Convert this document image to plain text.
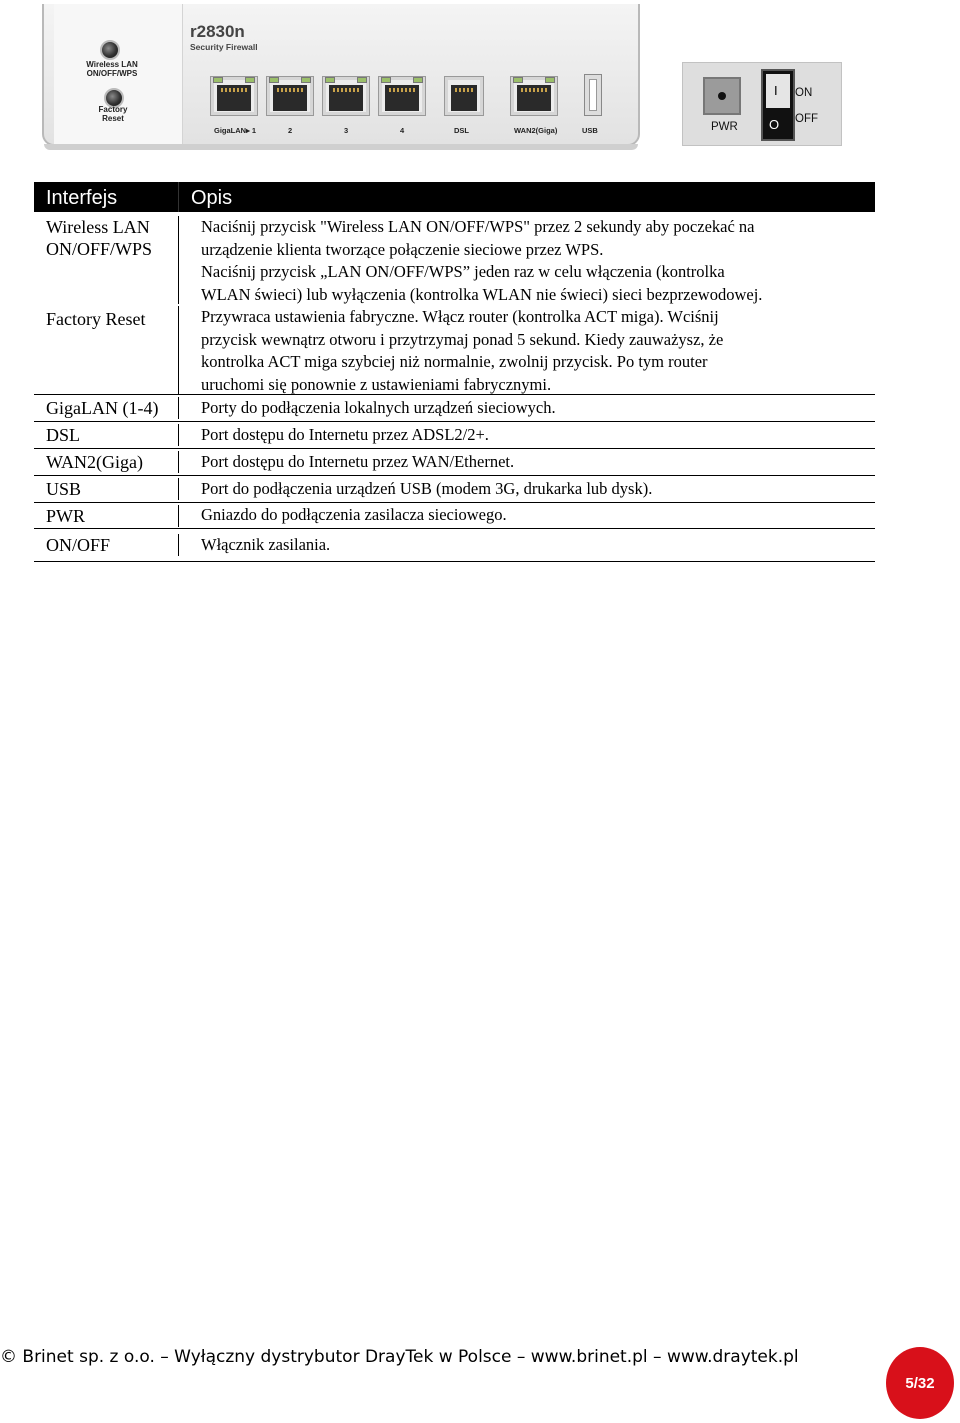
Wireless LAN
ON/OFF/WPS
Factory
Reset
r2830n
Security Firewall
GigaLAN▸ 1	2	3	4	DSL	WAN2(Giga)	USB	PWR
I
O
ON
OFF
Interfejs	Opis
Wireless LAN
ON/OFF/WPS
Naciśnij przycisk "Wireless LAN ON/OFF/WPS" przez 2 sekundy aby poczekać na
urządzenie klienta tworzące połączenie sieciowe przez WPS.
Naciśnij przycisk „LAN ON/OFF/WPS” jeden raz w celu włączenia (kontrolka
WLAN świeci) lub wyłączenia (kontrolka WLAN nie świeci) sieci bezprzewodowej.
Factory Reset	Przywraca ustawienia fabryczne. Włącz router (kontrolka ACT miga). Wciśnij
przycisk wewnątrz otworu i przytrzymaj ponad 5 sekund. Kiedy zauważysz, że
kontrolka ACT miga szybciej niż normalnie, zwolnij przycisk. Po tym router
uruchomi się ponownie z ustawieniami fabrycznymi.
GigaLAN (1-4)	Porty do podłączenia lokalnych urządzeń sieciowych.
DSL	Port dostępu do Internetu przez ADSL2/2+.
WAN2(Giga)	Port dostępu do Internetu przez WAN/Ethernet.
USB	Port do podłączenia urządzeń USB (modem 3G, drukarka lub dysk).
PWR	Gniazdo do podłączenia zasilacza sieciowego.
ON/OFF	Włącznik zasilania.
© Brinet sp. z o.o. – Wyłączny dystrybutor DrayTek w Polsce – www.brinet.pl – www.draytek.pl
5/32
